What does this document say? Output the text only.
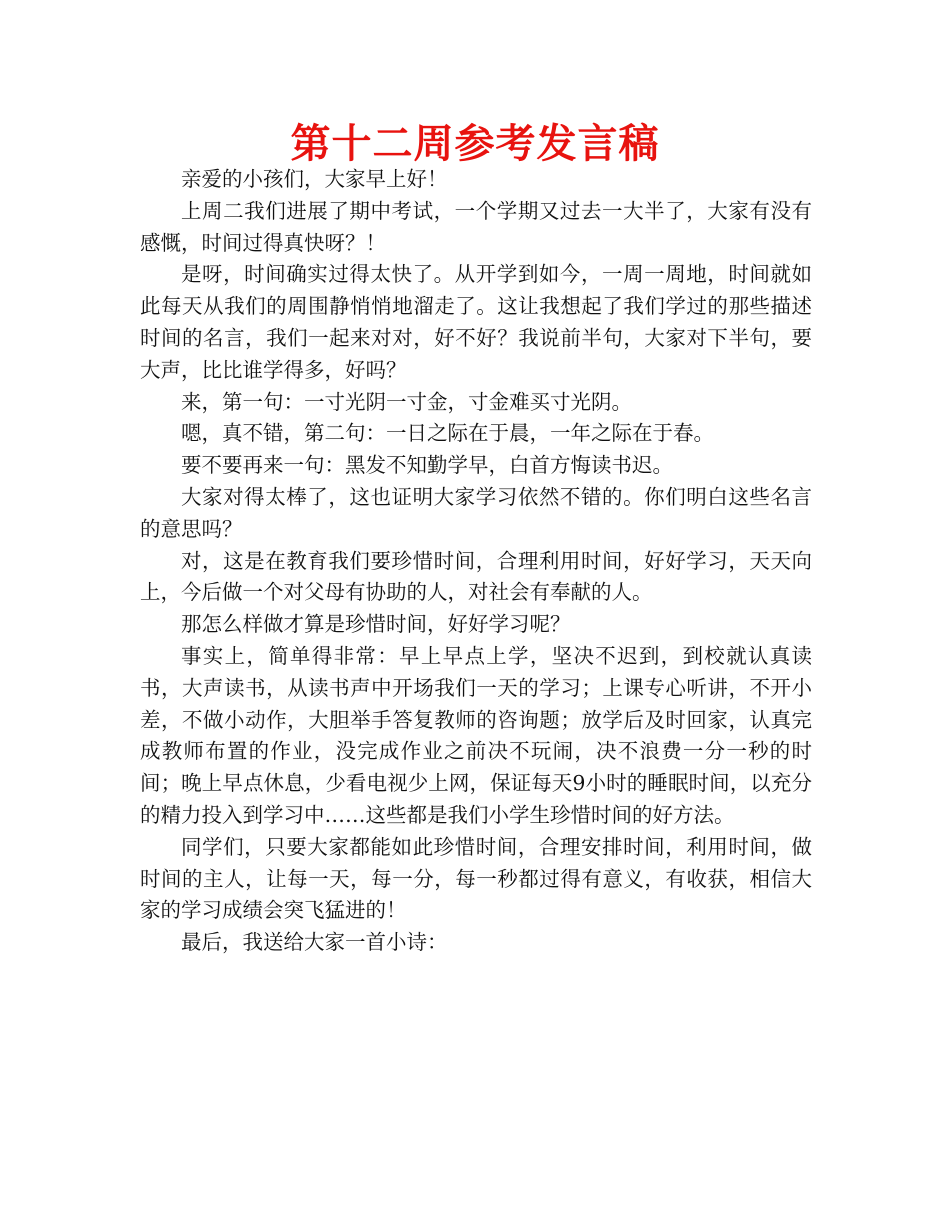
第十二周参考发言稿

亲爱的小孩们，大家早上好！

上周二我们进展了期中考试，一个学期又过去一大半了，大家有没有感慨，时间过得真快呀？！

是呀，时间确实过得太快了。从开学到如今，一周一周地，时间就如此每天从我们的周围静悄悄地溜走了。这让我想起了我们学过的那些描述时间的名言，我们一起来对对，好不好？我说前半句，大家对下半句，要大声，比比谁学得多，好吗？

来，第一句：一寸光阴一寸金，寸金难买寸光阴。

嗯，真不错，第二句：一日之际在于晨，一年之际在于春。

要不要再来一句：黑发不知勤学早，白首方悔读书迟。

大家对得太棒了，这也证明大家学习依然不错的。你们明白这些名言的意思吗？

对，这是在教育我们要珍惜时间，合理利用时间，好好学习，天天向上，今后做一个对父母有协助的人，对社会有奉献的人。

那怎么样做才算是珍惜时间，好好学习呢？

事实上，简单得非常：早上早点上学，坚决不迟到，到校就认真读书，大声读书，从读书声中开场我们一天的学习；上课专心听讲，不开小差，不做小动作，大胆举手答复教师的咨询题；放学后及时回家，认真完成教师布置的作业，没完成作业之前决不玩闹，决不浪费一分一秒的时间；晚上早点休息，少看电视少上网，保证每天9小时的睡眠时间，以充分的精力投入到学习中……这些都是我们小学生珍惜时间的好方法。

同学们，只要大家都能如此珍惜时间，合理安排时间，利用时间，做时间的主人，让每一天，每一分，每一秒都过得有意义，有收获，相信大家的学习成绩会突飞猛进的！

最后，我送给大家一首小诗：
